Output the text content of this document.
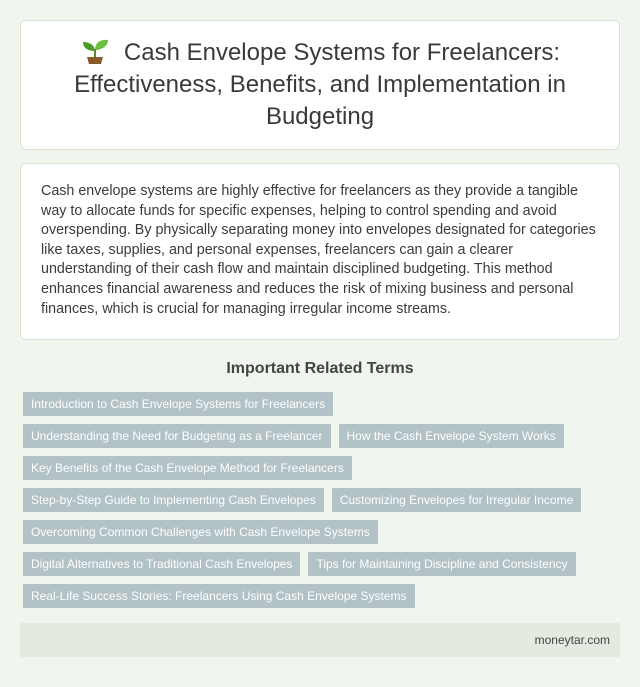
Cash Envelope Systems for Freelancers: Effectiveness, Benefits, and Implementation in Budgeting

Cash envelope systems are highly effective for freelancers as they provide a tangible way to allocate funds for specific expenses, helping to control spending and avoid overspending. By physically separating money into envelopes designated for categories like taxes, supplies, and personal expenses, freelancers can gain a clearer understanding of their cash flow and maintain disciplined budgeting. This method enhances financial awareness and reduces the risk of mixing business and personal finances, which is crucial for managing irregular income streams.

Important Related Terms
Introduction to Cash Envelope Systems for Freelancers
Understanding the Need for Budgeting as a Freelancer	How the Cash Envelope System Works
Key Benefits of the Cash Envelope Method for Freelancers
Step-by-Step Guide to Implementing Cash Envelopes	Customizing Envelopes for Irregular Income
Overcoming Common Challenges with Cash Envelope Systems
Digital Alternatives to Traditional Cash Envelopes	Tips for Maintaining Discipline and Consistency
Real-Life Success Stories: Freelancers Using Cash Envelope Systems
moneytar.com
